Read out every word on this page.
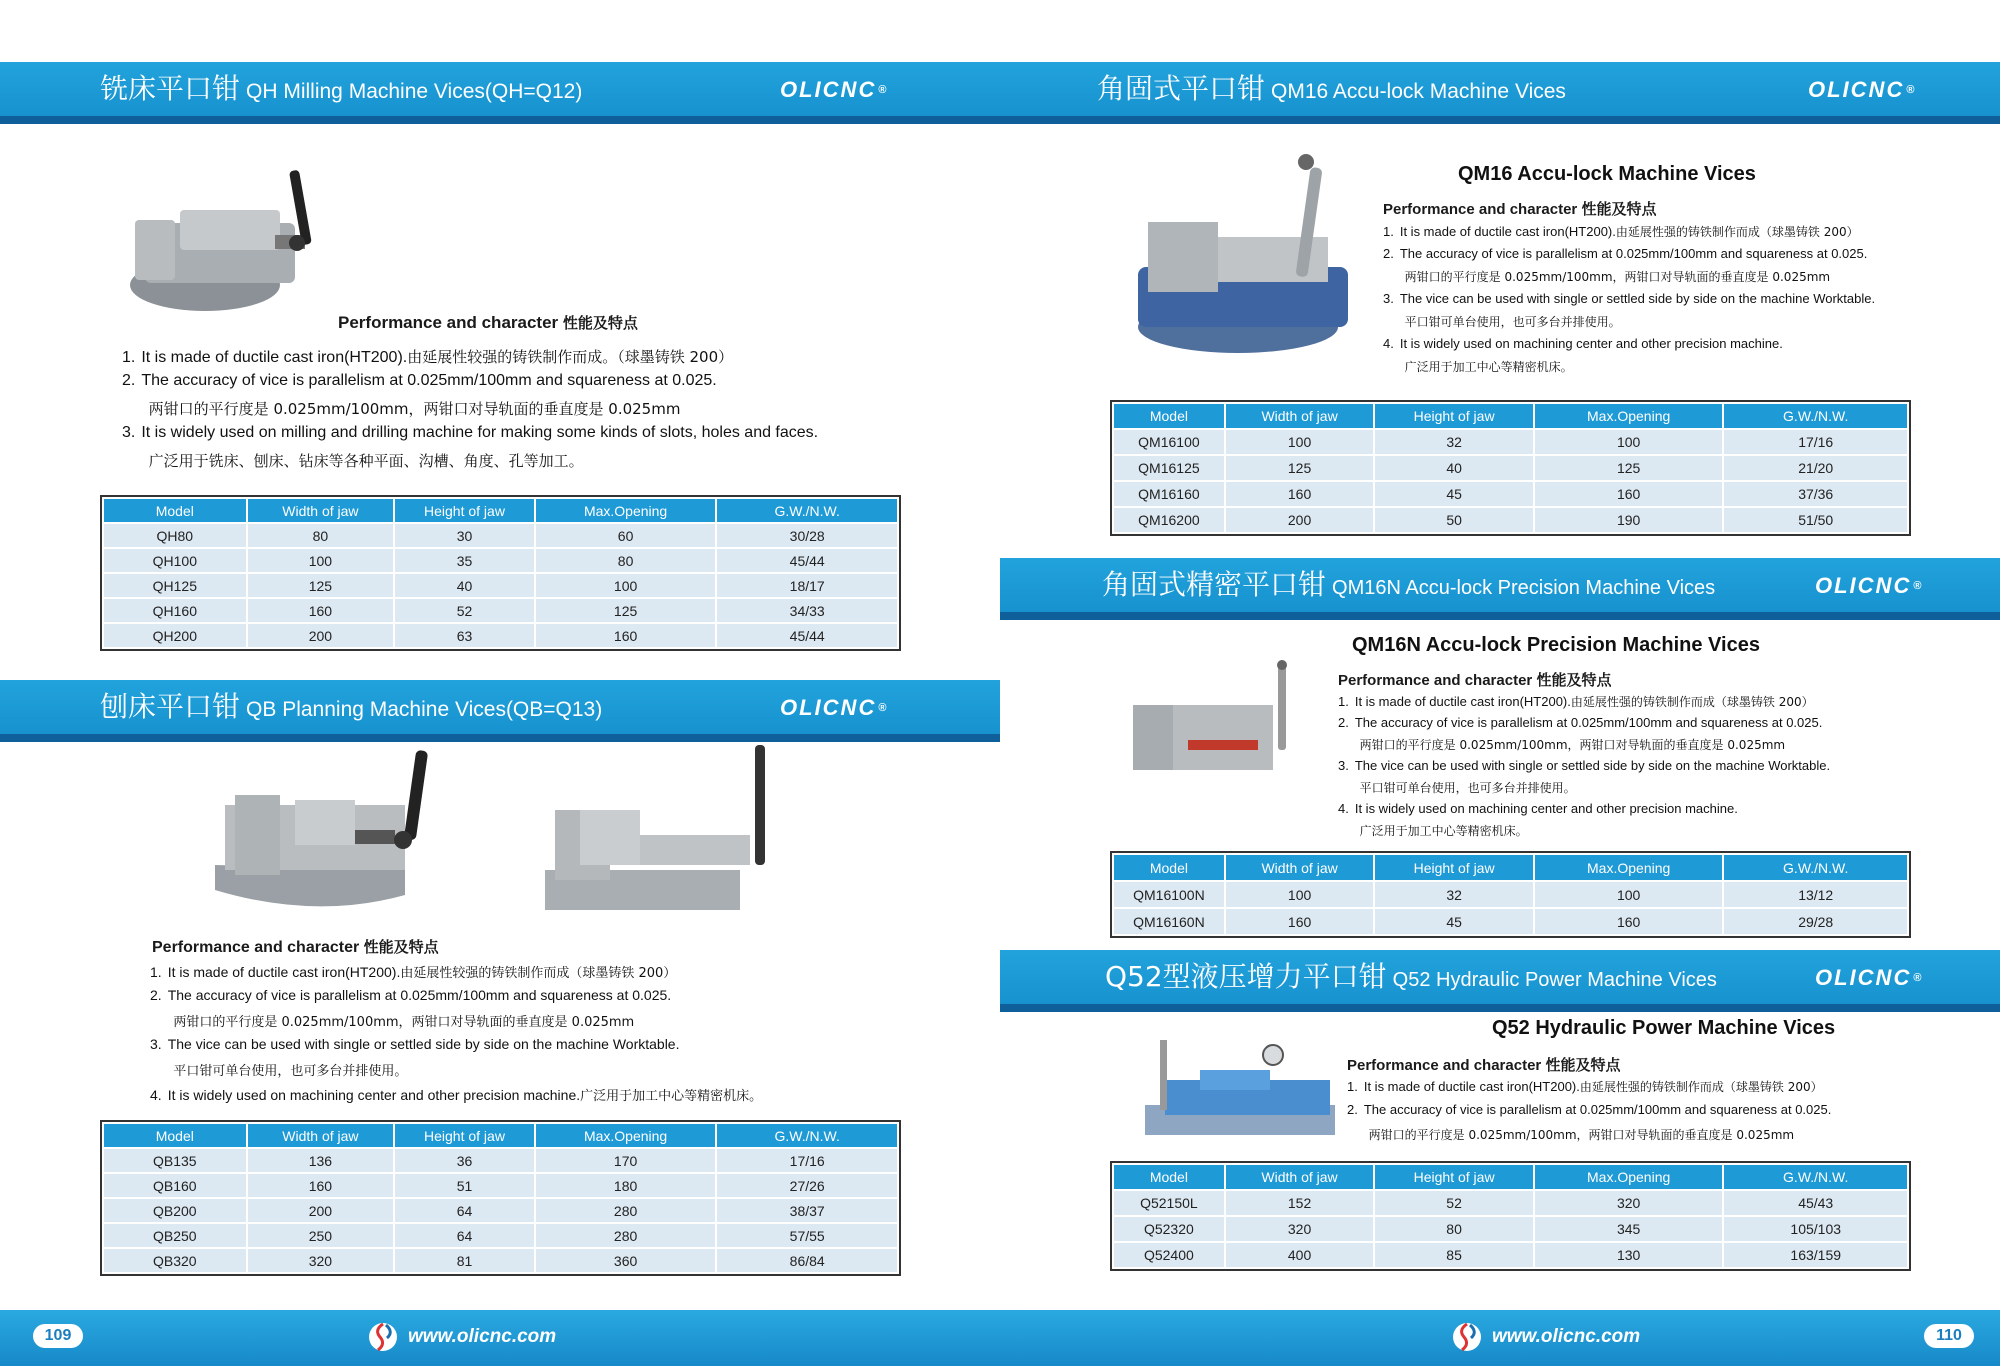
铣床平口钳 QH Milling Machine Vices(QH=Q12)	OLICNC ®
Performance and character 性能及特点
1. It is made of ductile cast iron(HT200).由延展性较强的铸铁制作而成。（球墨铸铁 200）
2. The accuracy of vice is parallelism at 0.025mm/100mm and squareness at 0.025.
两钳口的平行度是 0.025mm/100mm，两钳口对导轨面的垂直度是 0.025mm
3. It is widely used on milling and drilling machine for making some kinds of slots, holes and faces.
广泛用于铣床、刨床、钻床等各种平面、沟槽、角度、孔等加工。
Model	Width of jaw	Height of jaw	Max.Opening	G.W./N.W.
QH80	80	30	60	30/28
QH100	100	35	80	45/44
QH125	125	40	100	18/17
QH160	160	52	125	34/33
QH200	200	63	160	45/44
刨床平口钳 QB Planning Machine Vices(QB=Q13)	OLICNC ®
Performance and character 性能及特点
1. It is made of ductile cast iron(HT200).由延展性较强的铸铁制作而成（球墨铸铁 200）
2. The accuracy of vice is parallelism at 0.025mm/100mm and squareness at 0.025.
两钳口的平行度是 0.025mm/100mm，两钳口对导轨面的垂直度是 0.025mm
3. The vice can be used with single or settled side by side on the machine Worktable.
平口钳可单台使用，也可多台并排使用。
4. It is widely used on machining center and other precision machine.广泛用于加工中心等精密机床。
Model	Width of jaw	Height of jaw	Max.Opening	G.W./N.W.
QB135	136	36	170	17/16
QB160	160	51	180	27/26
QB200	200	64	280	38/37
QB250	250	64	280	57/55
QB320	320	81	360	86/84
角固式平口钳 QM16 Accu-lock Machine Vices	OLICNC ®
QM16 Accu-lock Machine Vices
Performance and character 性能及特点
1. It is made of ductile cast iron(HT200).由延展性强的铸铁制作而成（球墨铸铁 200）
2. The accuracy of vice is parallelism at 0.025mm/100mm and squareness at 0.025.
两钳口的平行度是 0.025mm/100mm，两钳口对导轨面的垂直度是 0.025mm
3. The vice can be used with single or settled side by side on the machine Worktable.
平口钳可单台使用，也可多台并排使用。
4. It is widely used on machining center and other precision machine.
广泛用于加工中心等精密机床。
Model	Width of jaw	Height of jaw	Max.Opening	G.W./N.W.
QM16100	100	32	100	17/16
QM16125	125	40	125	21/20
QM16160	160	45	160	37/36
QM16200	200	50	190	51/50
角固式精密平口钳 QM16N Accu-lock Precision Machine Vices	OLICNC ®
QM16N Accu-lock Precision Machine Vices
Performance and character 性能及特点
1. It is made of ductile cast iron(HT200).由延展性强的铸铁制作而成（球墨铸铁 200）
2. The accuracy of vice is parallelism at 0.025mm/100mm and squareness at 0.025.
两钳口的平行度是 0.025mm/100mm，两钳口对导轨面的垂直度是 0.025mm
3. The vice can be used with single or settled side by side on the machine Worktable.
平口钳可单台使用，也可多台并排使用。
4. It is widely used on machining center and other precision machine.
广泛用于加工中心等精密机床。
Model	Width of jaw	Height of jaw	Max.Opening	G.W./N.W.
QM16100N	100	32	100	13/12
QM16160N	160	45	160	29/28
Q52型液压增力平口钳 Q52 Hydraulic Power Machine Vices	OLICNC ®
Q52 Hydraulic Power Machine Vices
Performance and character 性能及特点
1. It is made of ductile cast iron(HT200).由延展性强的铸铁制作而成（球墨铸铁 200）
2. The accuracy of vice is parallelism at 0.025mm/100mm and squareness at 0.025.
两钳口的平行度是 0.025mm/100mm，两钳口对导轨面的垂直度是 0.025mm
Model	Width of jaw	Height of jaw	Max.Opening	G.W./N.W.
Q52150L	152	52	320	45/43
Q52320	320	80	345	105/103
Q52400	400	85	130	163/159
109	www.olicnc.com	www.olicnc.com	110
